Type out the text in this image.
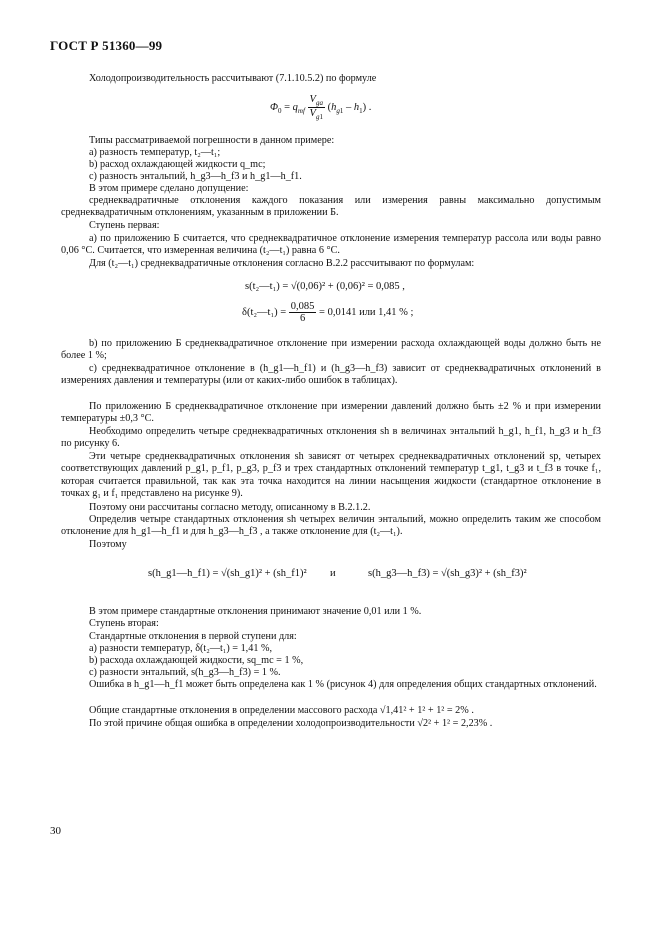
ГОСТ Р 51360—99
Холодопроизводительность рассчитывают (7.1.10.5.2) по формуле
$\Phi_0 = q_{mf} \frac{V_{ga}}{V_{g1}} (h_{g1} - h_1)$ .
Типы рассматриваемой погрешности в данном примере:
a) разность температур, t₂—t₁;
b) расход охлаждающей жидкости q_mc;
c) разность энтальпий, h_g3—h_f3 и h_g1—h_f1.
В этом примере сделано допущение:
среднеквадратичные отклонения каждого показания или измерения равны максимально допустимым среднеквадратичным отклонениям, указанным в приложении Б.
Ступень первая:
а) по приложению Б считается, что среднеквадратичное отклонение измерения температур рассола или воды равно 0,06 °С. Считается, что измеренная величина (t₂—t₁) равна 6 °С.
Для (t₂—t₁) среднеквадратичные отклонения согласно В.2.2 рассчитывают по формулам:
s(t₂—t₁) = √(0,06)² + (0,06)² = 0,085 ,
δ(t₂—t₁) = $\frac{0,085}{6} = 0,0141$ или 1,41 % ;
b) по приложению Б среднеквадратичное отклонение при измерении расхода охлаждающей воды должно быть не более 1 %;
c) среднеквадратичное отклонение в (h_g1—h_f1) и (h_g3—h_f3) зависит от среднеквадратичных отклонений в измерениях давления и температуры (или от каких-либо ошибок в таблицах).
По приложению Б среднеквадратичное отклонение при измерении давлений должно быть ±2 % и при измерении температуры ±0,3 °С.
Необходимо определить четыре среднеквадратичных отклонения sh в величинах энтальпий h_g1, h_f1, h_g3 и h_f3 по рисунку 6.
Эти четыре среднеквадратичных отклонения sh зависят от четырех среднеквадратичных отклонений sp, четырех соответствующих давлений p_g1, p_f1, p_g3, p_f3 и трех стандартных отклонений температур t_g1, t_g3 и t_f3 в точке f₁, которая считается правильной, так как эта точка находится на линии насыщения жидкости (стандартное отклонение в точках g₁ и f₁ представлено на рисунке 9).
Поэтому они рассчитаны согласно методу, описанному в В.2.1.2.
Определив четыре стандартных отклонения sh четырех величин энтальпий, можно определить таким же способом отклонение для h_g1—h_f1 и для h_g3—h_f3 , а также отклонение для (t₂—t₁).
Поэтому
s(h_g1—h_f1) = √(sh_g1)² + (sh_f1)² и	s(h_g3—h_f3) = √(sh_g3)² + (sh_f3)²
В этом примере стандартные отклонения принимают значение 0,01 или 1 %.
Ступень вторая:
Стандартные отклонения в первой ступени для:
a) разности температур, δ(t₂—t₁) = 1,41 %,
b) расхода охлаждающей жидкости, sq_mc = 1 %,
c) разности энтальпий, s(h_g3—h_f3) = 1 %.
Ошибка в h_g1—h_f1 может быть определена как 1 % (рисунок 4) для определения общих стандартных отклонений.
Общие стандартные отклонения в определении массового расхода √1,41² + 1² + 1² = 2% .
По этой причине общая ошибка в определении холодопроизводительности √2² + 1² = 2,23% .
30
